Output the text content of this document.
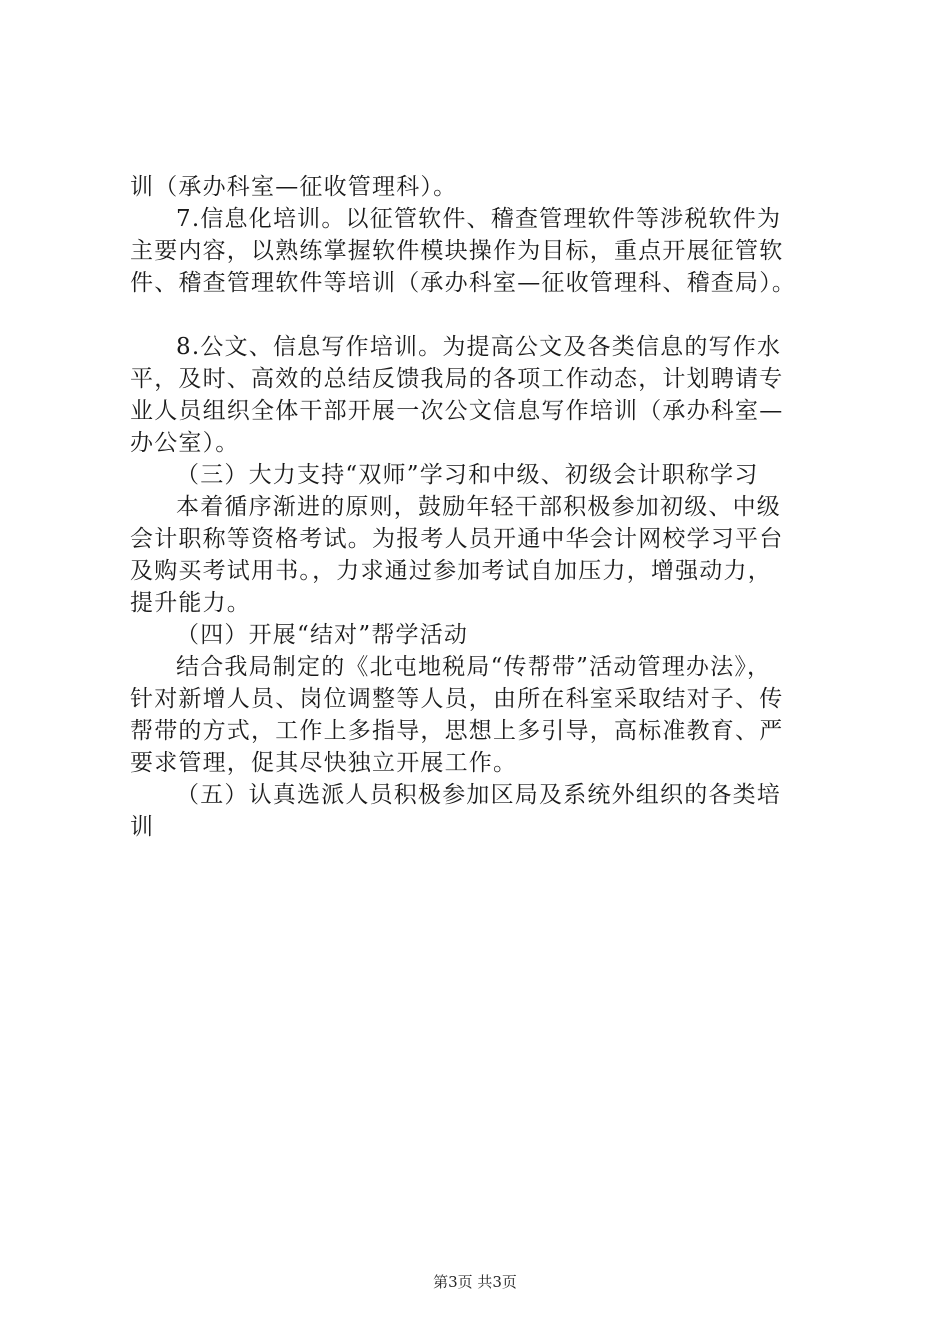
训（承办科室—征收管理科）。
7.信息化培训。以征管软件、稽查管理软件等涉税软件为
主要内容，以熟练掌握软件模块操作为目标，重点开展征管软
件、稽查管理软件等培训（承办科室—征收管理科、稽查局）。
8.公文、信息写作培训。为提高公文及各类信息的写作水
平，及时、高效的总结反馈我局的各项工作动态，计划聘请专
业人员组织全体干部开展一次公文信息写作培训（承办科室—
办公室）。
（三）大力支持“双师”学习和中级、初级会计职称学习
本着循序渐进的原则，鼓励年轻干部积极参加初级、中级
会计职称等资格考试。为报考人员开通中华会计网校学习平台
及购买考试用书。，力求通过参加考试自加压力，增强动力，
提升能力。
（四）开展“结对”帮学活动
结合我局制定的《北屯地税局“传帮带”活动管理办法》，
针对新增人员、岗位调整等人员，由所在科室采取结对子、传
帮带的方式，工作上多指导，思想上多引导，高标准教育、严
要求管理，促其尽快独立开展工作。
（五）认真选派人员积极参加区局及系统外组织的各类培
训
第3页 共3页
